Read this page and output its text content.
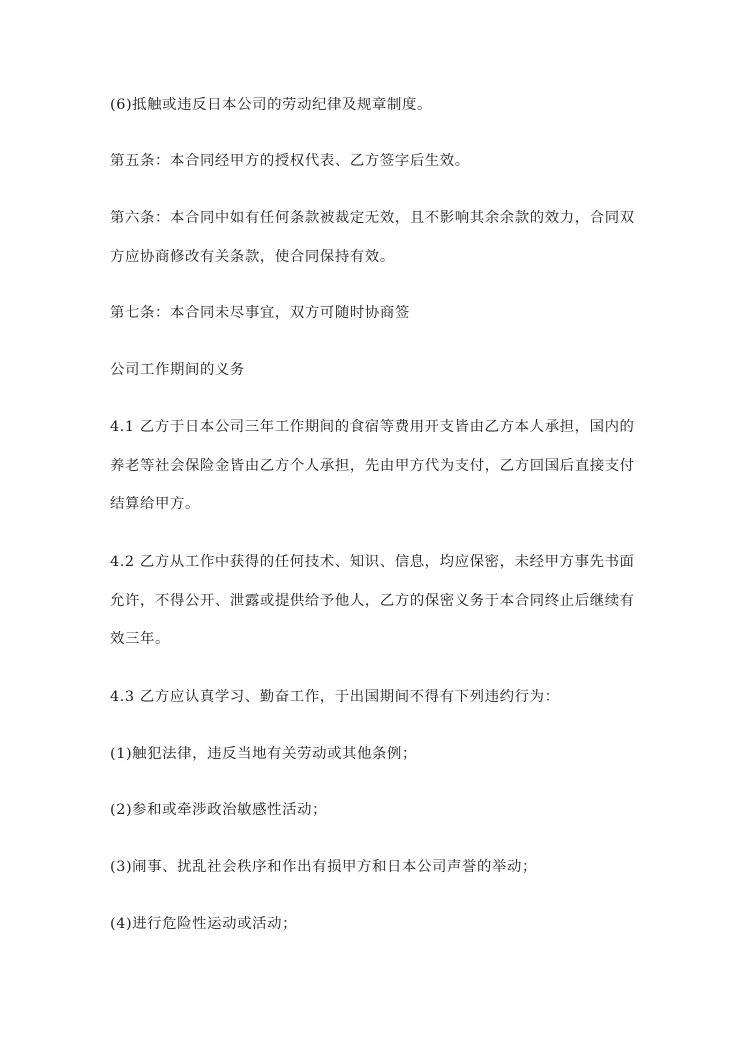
(6)抵触或违反日本公司的劳动纪律及规章制度。
第五条：本合同经甲方的授权代表、乙方签字后生效。
第六条：本合同中如有任何条款被裁定无效，且不影响其余余款的效力，合同双
方应协商修改有关条款，使合同保持有效。
第七条：本合同未尽事宜，双方可随时协商签
公司工作期间的义务
4.1 乙方于日本公司三年工作期间的食宿等费用开支皆由乙方本人承担，国内的
养老等社会保险金皆由乙方个人承担，先由甲方代为支付，乙方回国后直接支付
结算给甲方。
4.2 乙方从工作中获得的任何技术、知识、信息，均应保密，未经甲方事先书面
允许，不得公开、泄露或提供给予他人，乙方的保密义务于本合同终止后继续有
效三年。
4.3 乙方应认真学习、勤奋工作，于出国期间不得有下列违约行为：
(1)触犯法律，违反当地有关劳动或其他条例；
(2)参和或牵涉政治敏感性活动；
(3)闹事、扰乱社会秩序和作出有损甲方和日本公司声誉的举动；
(4)进行危险性运动或活动；
